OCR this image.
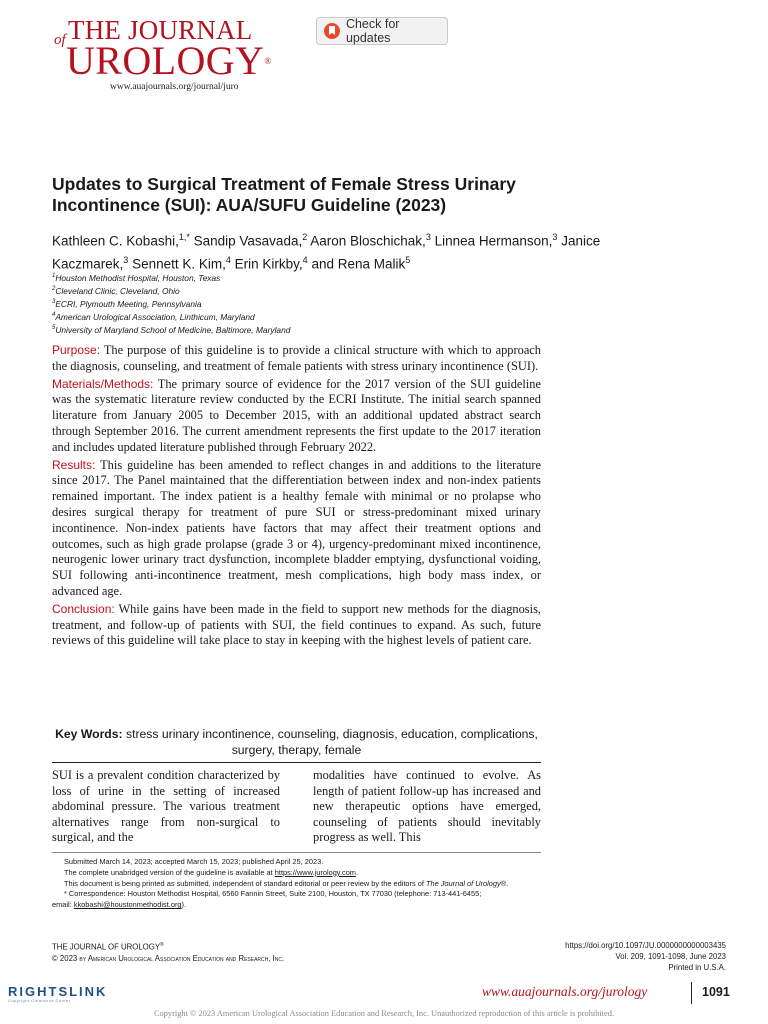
of THE JOURNAL
UROLOGY®
www.auajournals.org/journal/juro
Check for updates
Updates to Surgical Treatment of Female Stress Urinary Incontinence (SUI): AUA/SUFU Guideline (2023)
Kathleen C. Kobashi,$^{1,*}$ Sandip Vasavada,$^2$ Aaron Bloschichak,$^3$ Linnea Hermanson,$^3$ Janice Kaczmarek,$^3$ Sennett K. Kim,$^4$ Erin Kirkby,$^4$ and Rena Malik$^5$
$^1$Houston Methodist Hospital, Houston, Texas
$^2$Cleveland Clinic, Cleveland, Ohio
$^3$ECRI, Plymouth Meeting, Pennsylvania
$^4$American Urological Association, Linthicum, Maryland
$^5$University of Maryland School of Medicine, Baltimore, Maryland

Purpose: The purpose of this guideline is to provide a clinical structure with which to approach the diagnosis, counseling, and treatment of female patients with stress urinary incontinence (SUI).

Materials/Methods: The primary source of evidence for the 2017 version of the SUI guideline was the systematic literature review conducted by the ECRI Institute. The initial search spanned literature from January 2005 to December 2015, with an additional updated abstract search through September 2016. The current amendment represents the first update to the 2017 iteration and includes updated literature published through February 2022.

Results: This guideline has been amended to reflect changes in and additions to the literature since 2017. The Panel maintained that the differentiation between index and non-index patients remained important. The index patient is a healthy female with minimal or no prolapse who desires surgical therapy for treatment of pure SUI or stress-predominant mixed urinary incontinence. Non-index patients have factors that may affect their treatment options and outcomes, such as high grade prolapse (grade 3 or 4), urgency-predominant mixed incontinence, neurogenic lower urinary tract dysfunction, incomplete bladder emptying, dysfunctional voiding, SUI following anti-incontinence treatment, mesh complications, high body mass index, or advanced age.

Conclusion: While gains have been made in the field to support new methods for the diagnosis, treatment, and follow-up of patients with SUI, the field continues to expand. As such, future reviews of this guideline will take place to stay in keeping with the highest levels of patient care.

Key Words: stress urinary incontinence, counseling, diagnosis, education, complications, surgery, therapy, female
SUI is a prevalent condition characterized by loss of urine in the setting of increased abdominal pressure. The various treatment alternatives range from non-surgical to surgical, and the
modalities have continued to evolve. As length of patient follow-up has increased and new therapeutic options have emerged, counseling of patients should inevitably progress as well. This

Submitted March 14, 2023; accepted March 15, 2023; published April 25, 2023.

The complete unabridged version of the guideline is available at https://www.jurology.com.

This document is being printed as submitted, independent of standard editorial or peer review by the editors of The Journal of Urology®.

* Correspondence: Houston Methodist Hospital, 6560 Fannin Street, Suite 2100, Houston, TX 77030 (telephone: 713-441-6455;

email: kkobashi@houstonmethodist.org).

THE JOURNAL OF UROLOGY®
© 2023 by American Urological Association Education and Research, Inc.
https://doi.org/10.1097/JU.0000000000003435
Vol. 209, 1091-1098, June 2023
Printed in U.S.A.
RIGHTSLINK
Copyright Clearance Center
www.auajournals.org/jurology	1091
Copyright © 2023 American Urological Association Education and Research, Inc. Unauthorized reproduction of this article is prohibited.
